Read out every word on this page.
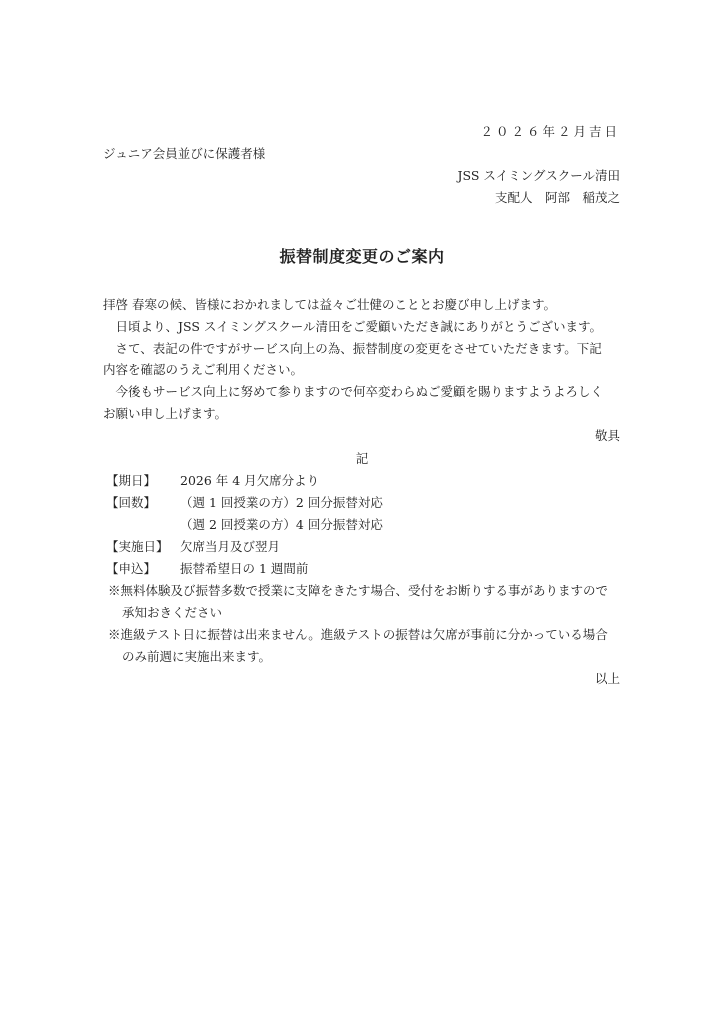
２０２６年２月吉日
ジュニア会員並びに保護者様
JSS スイミングスクール清田
支配人　阿部　稲茂之
振替制度変更のご案内
拝啓 春寒の候、皆様におかれましては益々ご壮健のこととお慶び申し上げます。
　日頃より、JSS スイミングスクール清田をご愛顧いただき誠にありがとうございます。
　さて、表記の件ですがサービス向上の為、振替制度の変更をさせていただきます。下記
内容を確認のうえご利用ください。
　今後もサービス向上に努めて参りますので何卒変わらぬご愛顧を賜りますようよろしく
お願い申し上げます。
敬具
記
【期日】 2026 年 4 月欠席分より
【回数】 （週 1 回授業の方）2 回分振替対応
（週 2 回授業の方）4 回分振替対応
【実施日】 欠席当月及び翌月
【申込】 振替希望日の 1 週間前
※無料体験及び振替多数で授業に支障をきたす場合、受付をお断りする事がありますので
承知おきください
※進級テスト日に振替は出来ません。進級テストの振替は欠席が事前に分かっている場合
のみ前週に実施出来ます。
以上
